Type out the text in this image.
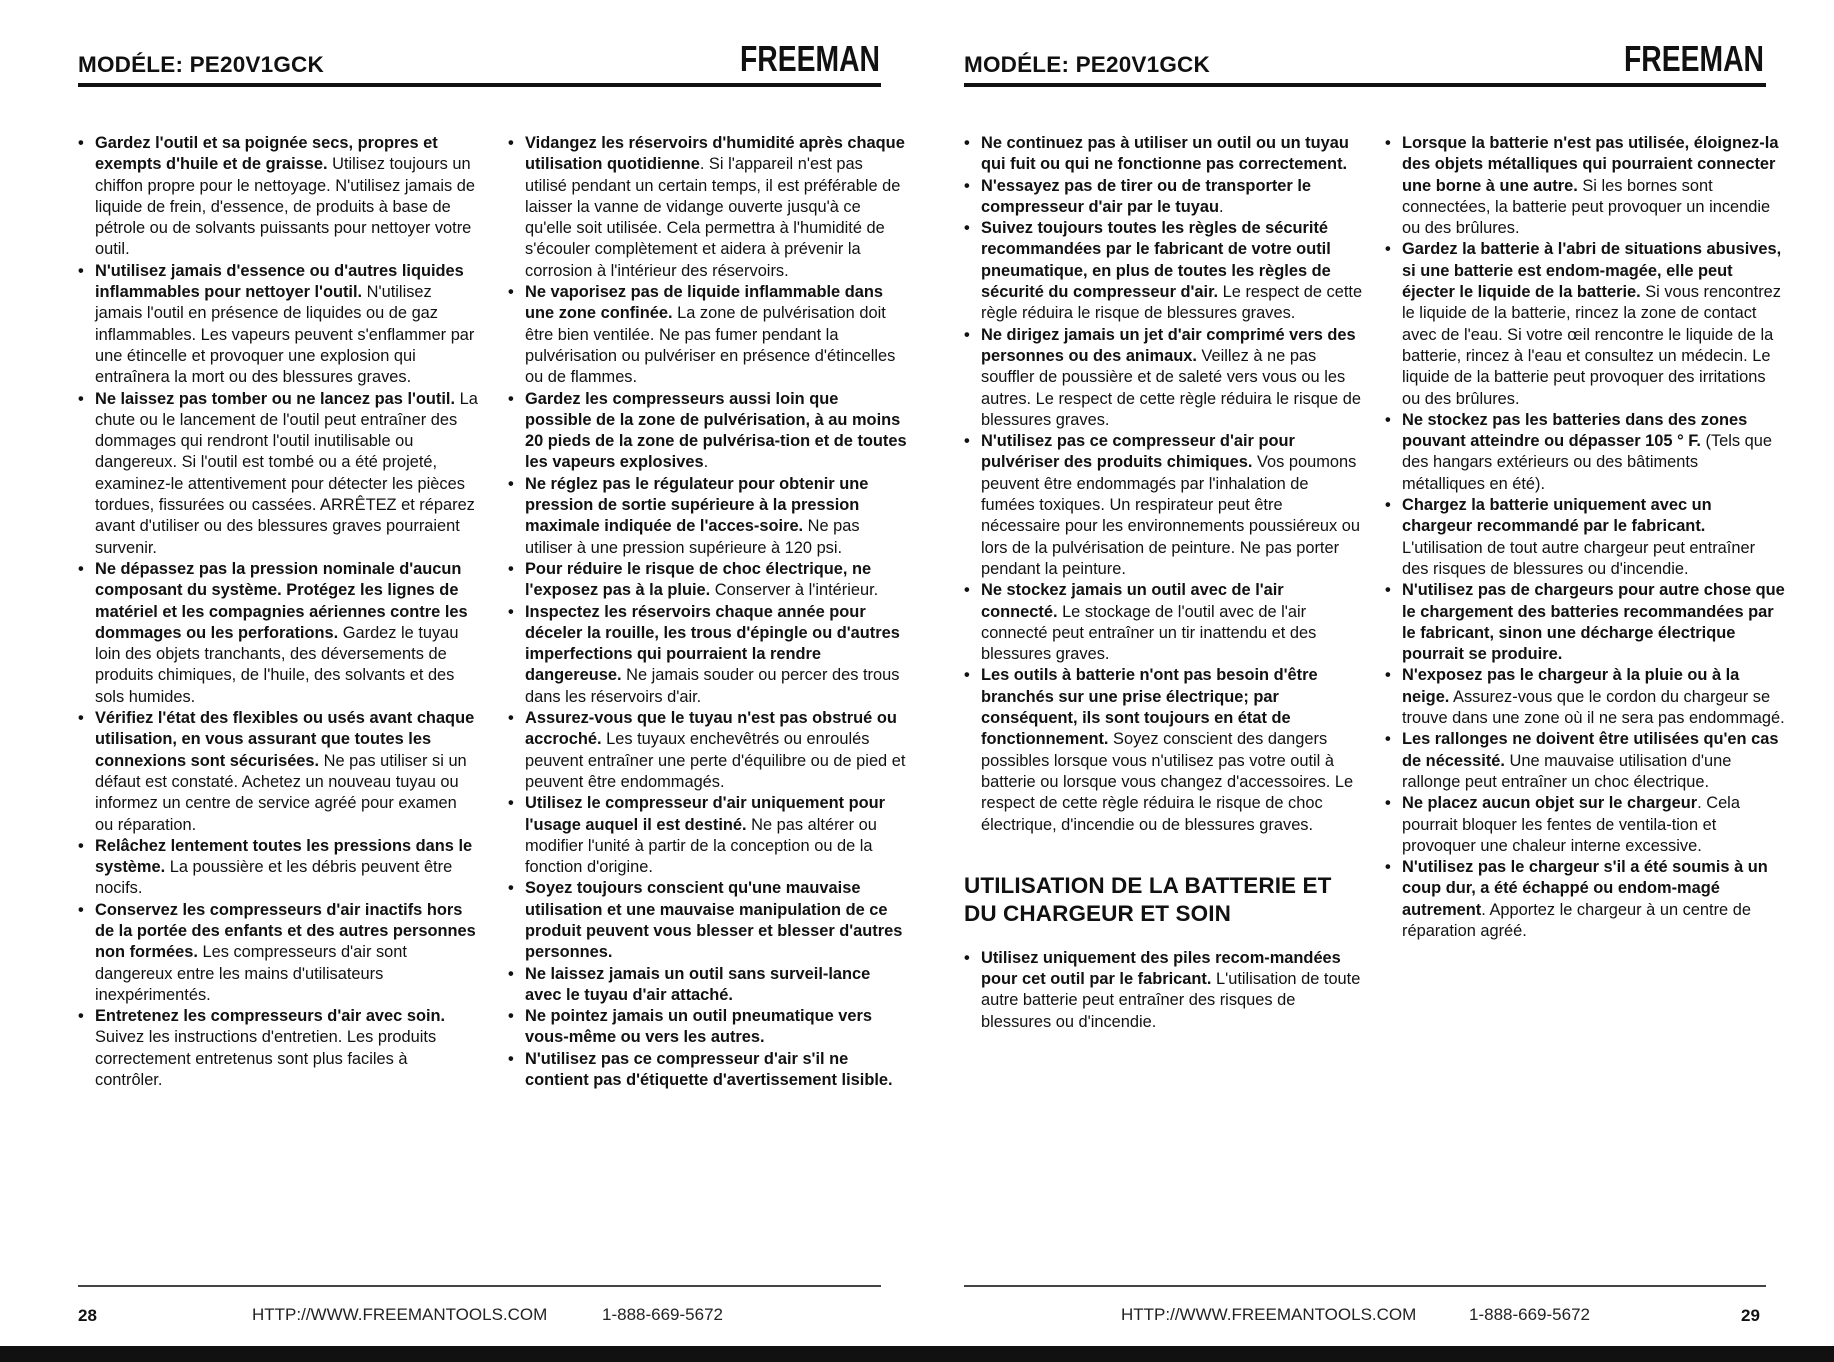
MODÉLE: PE20V1GCK	FREEMAN
• Gardez l'outil et sa poignée secs, propres et exempts d'huile et de graisse. Utilisez toujours un chiffon propre pour le nettoyage. N'utilisez jamais de liquide de frein, d'essence, de produits à base de pétrole ou de solvants puissants pour nettoyer votre outil.
• N'utilisez jamais d'essence ou d'autres liquides inflammables pour nettoyer l'outil. N'utilisez jamais l'outil en présence de liquides ou de gaz inflammables. Les vapeurs peuvent s'enflammer par une étincelle et provoquer une explosion qui entraînera la mort ou des blessures graves.
• Ne laissez pas tomber ou ne lancez pas l'outil. La chute ou le lancement de l'outil peut entraîner des dommages qui rendront l'outil inutilisable ou dangereux. Si l'outil est tombé ou a été projeté, examinez-le attentivement pour détecter les pièces tordues, fissurées ou cassées. ARRÊTEZ et réparez avant d'utiliser ou des blessures graves pourraient survenir.
• Ne dépassez pas la pression nominale d'aucun composant du système. Protégez les lignes de matériel et les compagnies aériennes contre les dommages ou les perforations. Gardez le tuyau loin des objets tranchants, des déversements de produits chimiques, de l'huile, des solvants et des sols humides.
• Vérifiez l'état des flexibles ou usés avant chaque utilisation, en vous assurant que toutes les connexions sont sécurisées. Ne pas utiliser si un défaut est constaté. Achetez un nouveau tuyau ou informez un centre de service agréé pour examen ou réparation.
• Relâchez lentement toutes les pressions dans le système. La poussière et les débris peuvent être nocifs.
• Conservez les compresseurs d'air inactifs hors de la portée des enfants et des autres personnes non formées. Les compresseurs d'air sont dangereux entre les mains d'utilisateurs inexpérimentés.
• Entretenez les compresseurs d'air avec soin. Suivez les instructions d'entretien. Les produits correctement entretenus sont plus faciles à contrôler.
• Vidangez les réservoirs d'humidité après chaque utilisation quotidienne. Si l'appareil n'est pas utilisé pendant un certain temps, il est préférable de laisser la vanne de vidange ouverte jusqu'à ce qu'elle soit utilisée. Cela permettra à l'humidité de s'écouler complètement et aidera à prévenir la corrosion à l'intérieur des réservoirs.
• Ne vaporisez pas de liquide inflammable dans une zone confinée. La zone de pulvérisation doit être bien ventilée. Ne pas fumer pendant la pulvérisation ou pulvériser en présence d'étincelles ou de flammes.
• Gardez les compresseurs aussi loin que possible de la zone de pulvérisation, à au moins 20 pieds de la zone de pulvérisa-tion et de toutes les vapeurs explosives.
• Ne réglez pas le régulateur pour obtenir une pression de sortie supérieure à la pression maximale indiquée de l'acces-soire. Ne pas utiliser à une pression supérieure à 120 psi.
• Pour réduire le risque de choc électrique, ne l'exposez pas à la pluie. Conserver à l'intérieur.
• Inspectez les réservoirs chaque année pour déceler la rouille, les trous d'épingle ou d'autres imperfections qui pourraient la rendre dangereuse. Ne jamais souder ou percer des trous dans les réservoirs d'air.
• Assurez-vous que le tuyau n'est pas obstrué ou accroché. Les tuyaux enchevêtrés ou enroulés peuvent entraîner une perte d'équilibre ou de pied et peuvent être endommagés.
• Utilisez le compresseur d'air uniquement pour l'usage auquel il est destiné. Ne pas altérer ou modifier l'unité à partir de la conception ou de la fonction d'origine.
• Soyez toujours conscient qu'une mauvaise utilisation et une mauvaise manipulation de ce produit peuvent vous blesser et blesser d'autres personnes.
• Ne laissez jamais un outil sans surveil-lance avec le tuyau d'air attaché.
• Ne pointez jamais un outil pneumatique vers vous-même ou vers les autres.
• N'utilisez pas ce compresseur d'air s'il ne contient pas d'étiquette d'avertissement lisible.
28	HTTP://WWW.FREEMANTOOLS.COM	1-888-669-5672
MODÉLE: PE20V1GCK	FREEMAN
• Ne continuez pas à utiliser un outil ou un tuyau qui fuit ou qui ne fonctionne pas correctement.
• N'essayez pas de tirer ou de transporter le compresseur d'air par le tuyau.
• Suivez toujours toutes les règles de sécurité recommandées par le fabricant de votre outil pneumatique, en plus de toutes les règles de sécurité du compresseur d'air. Le respect de cette règle réduira le risque de blessures graves.
• Ne dirigez jamais un jet d'air comprimé vers des personnes ou des animaux. Veillez à ne pas souffler de poussière et de saleté vers vous ou les autres. Le respect de cette règle réduira le risque de blessures graves.
• N'utilisez pas ce compresseur d'air pour pulvériser des produits chimiques. Vos poumons peuvent être endommagés par l'inhalation de fumées toxiques. Un respirateur peut être nécessaire pour les environnements poussiéreux ou lors de la pulvérisation de peinture. Ne pas porter pendant la peinture.
• Ne stockez jamais un outil avec de l'air connecté. Le stockage de l'outil avec de l'air connecté peut entraîner un tir inattendu et des blessures graves.
• Les outils à batterie n'ont pas besoin d'être branchés sur une prise électrique; par conséquent, ils sont toujours en état de fonctionnement. Soyez conscient des dangers possibles lorsque vous n'utilisez pas votre outil à batterie ou lorsque vous changez d'accessoires. Le respect de cette règle réduira le risque de choc électrique, d'incendie ou de blessures graves.
UTILISATION DE LA BATTERIE ET DU CHARGEUR ET SOIN
• Utilisez uniquement des piles recom-mandées pour cet outil par le fabricant. L'utilisation de toute autre batterie peut entraîner des risques de blessures ou d'incendie.
• Lorsque la batterie n'est pas utilisée, éloignez-la des objets métalliques qui pourraient connecter une borne à une autre. Si les bornes sont connectées, la batterie peut provoquer un incendie ou des brûlures.
• Gardez la batterie à l'abri de situations abusives, si une batterie est endom-magée, elle peut éjecter le liquide de la batterie. Si vous rencontrez le liquide de la batterie, rincez la zone de contact avec de l'eau. Si votre œil rencontre le liquide de la batterie, rincez à l'eau et consultez un médecin. Le liquide de la batterie peut provoquer des irritations ou des brûlures.
• Ne stockez pas les batteries dans des zones pouvant atteindre ou dépasser 105 ° F. (Tels que des hangars extérieurs ou des bâtiments métalliques en été).
• Chargez la batterie uniquement avec un chargeur recommandé par le fabricant. L'utilisation de tout autre chargeur peut entraîner des risques de blessures ou d'incendie.
• N'utilisez pas de chargeurs pour autre chose que le chargement des batteries recommandées par le fabricant, sinon une décharge électrique pourrait se produire.
• N'exposez pas le chargeur à la pluie ou à la neige. Assurez-vous que le cordon du chargeur se trouve dans une zone où il ne sera pas endommagé.
• Les rallonges ne doivent être utilisées qu'en cas de nécessité. Une mauvaise utilisation d'une rallonge peut entraîner un choc électrique.
• Ne placez aucun objet sur le chargeur. Cela pourrait bloquer les fentes de ventila-tion et provoquer une chaleur interne excessive.
• N'utilisez pas le chargeur s'il a été soumis à un coup dur, a été échappé ou endom-magé autrement. Apportez le chargeur à un centre de réparation agréé.
HTTP://WWW.FREEMANTOOLS.COM	1-888-669-5672	29
